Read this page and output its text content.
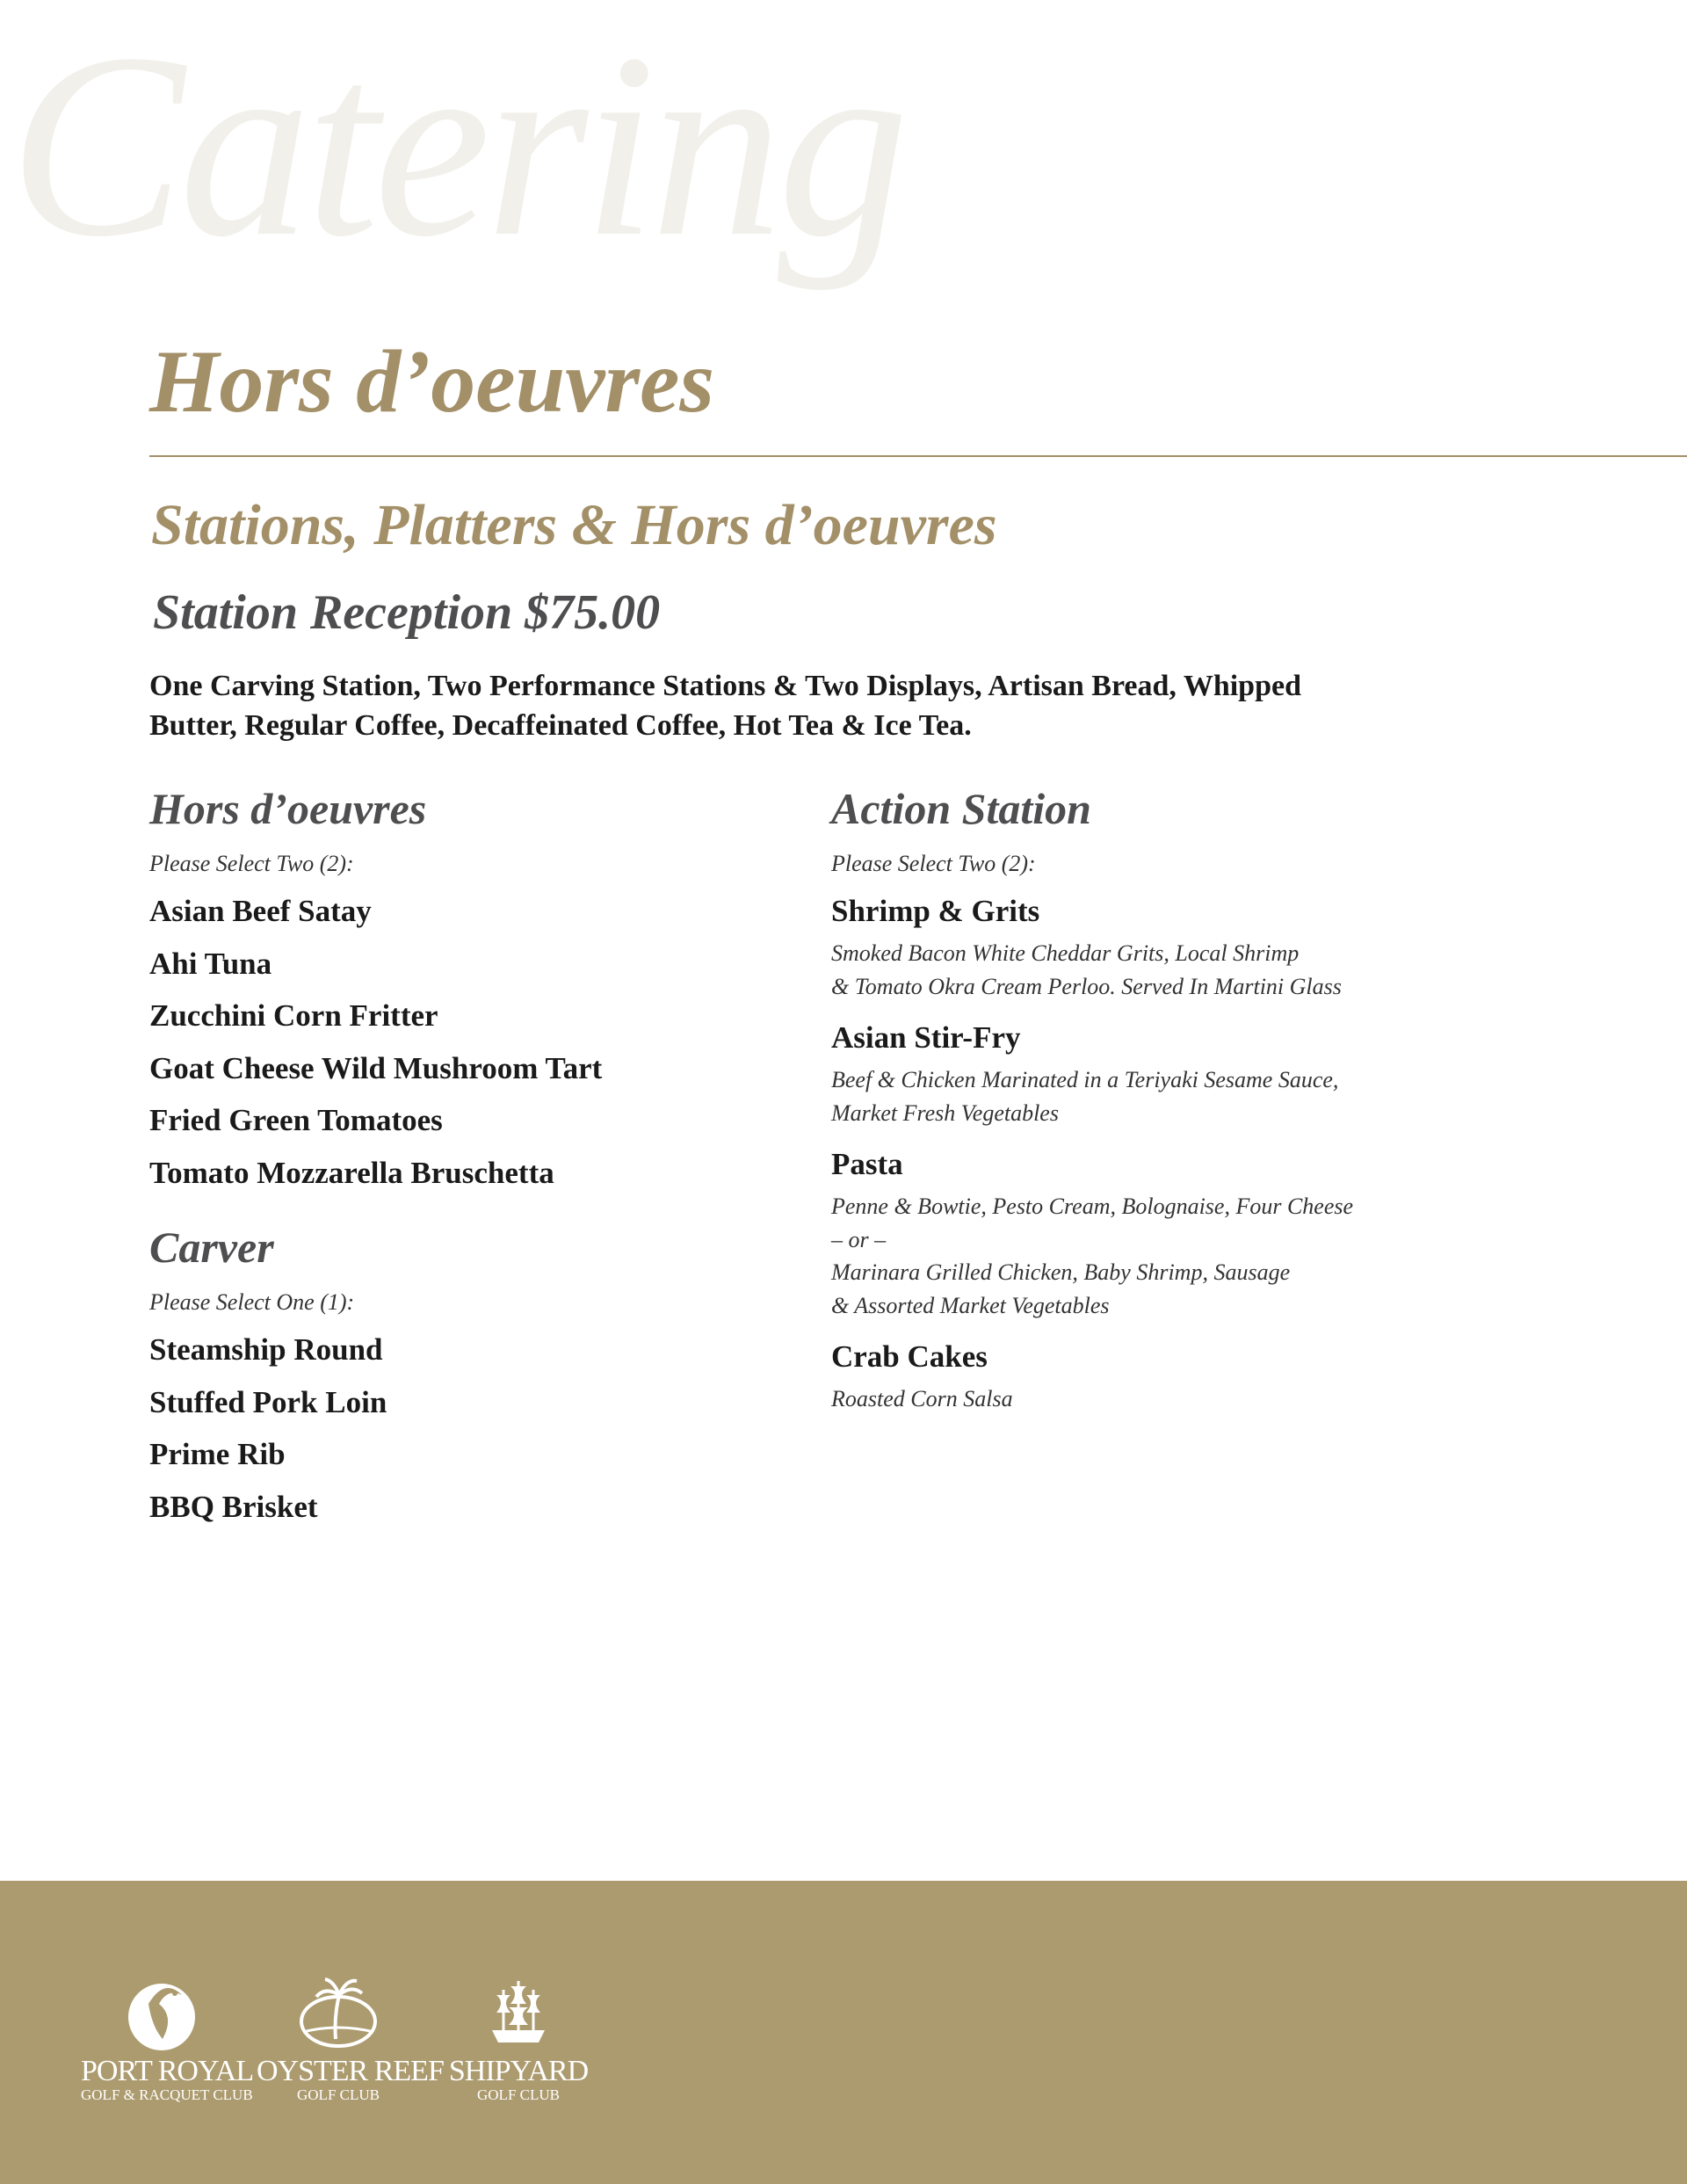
Catering
Hors d’oeuvres
Stations, Platters & Hors d’oeuvres
Station Reception $75.00

One Carving Station, Two Performance Stations & Two Displays, Artisan Bread, Whipped Butter, Regular Coffee, Decaffeinated Coffee, Hot Tea & Ice Tea.

Hors d’oeuvres

Please Select Two (2):

Asian Beef Satay
Ahi Tuna
Zucchini Corn Fritter
Goat Cheese Wild Mushroom Tart
Fried Green Tomatoes
Tomato Mozzarella Bruschetta
Carver

Please Select One (1):

Steamship Round
Stuffed Pork Loin
Prime Rib
BBQ Brisket
Action Station

Please Select Two (2):

Shrimp & Grits

Smoked Bacon White Cheddar Grits, Local Shrimp

& Tomato Okra Cream Perloo. Served In Martini Glass

Asian Stir-Fry

Beef & Chicken Marinated in a Teriyaki Sesame Sauce,

Market Fresh Vegetables

Pasta

Penne & Bowtie, Pesto Cream, Bolognaise, Four Cheese

– or –

Marinara Grilled Chicken, Baby Shrimp, Sausage

& Assorted Market Vegetables

Crab Cakes

Roasted Corn Salsa

PORT ROYAL
GOLF & RACQUET CLUB
OYSTER REEF
GOLF CLUB
SHIPYARD
GOLF CLUB
